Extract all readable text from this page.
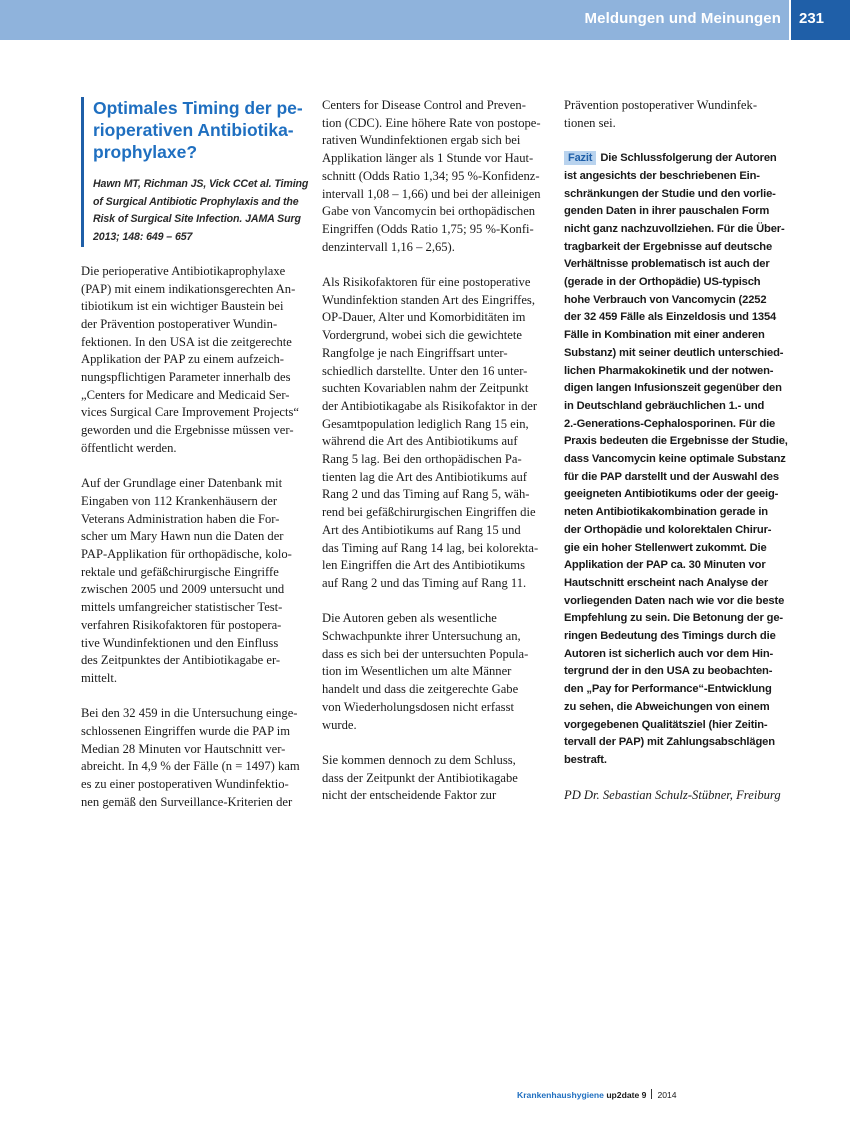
Meldungen und Meinungen 231
Optimales Timing der pe-
rioperativen Antibiotika-
prophylaxe?
Hawn MT, Richman JS, Vick CCet al. Timing
of Surgical Antibiotic Prophylaxis and the
Risk of Surgical Site Infection. JAMA Surg
2013; 148: 649 – 657
Die perioperative Antibiotikaprophylaxe
(PAP) mit einem indikationsgerechten An-
tibiotikum ist ein wichtiger Baustein bei
der Prävention postoperativer Wundin-
fektionen. In den USA ist die zeitgerechte
Applikation der PAP zu einem aufzeich-
nungspflichtigen Parameter innerhalb des
„Centers for Medicare and Medicaid Ser-
vices Surgical Care Improvement Projects“
geworden und die Ergebnisse müssen ver-
öffentlicht werden.
Auf der Grundlage einer Datenbank mit
Eingaben von 112 Krankenhäusern der
Veterans Administration haben die For-
scher um Mary Hawn nun die Daten der
PAP-Applikation für orthopädische, kolo-
rektale und gefäßchirurgische Eingriffe
zwischen 2005 und 2009 untersucht und
mittels umfangreicher statistischer Test-
verfahren Risikofaktoren für postopera-
tive Wundinfektionen und den Einfluss
des Zeitpunktes der Antibiotikagabe er-
mittelt.
Bei den 32 459 in die Untersuchung einge-
schlossenen Eingriffen wurde die PAP im
Median 28 Minuten vor Hautschnitt ver-
abreicht. In 4,9 % der Fälle (n = 1497) kam
es zu einer postoperativen Wundinfektio-
nen gemäß den Surveillance-Kriterien der
Centers for Disease Control and Preven-
tion (CDC). Eine höhere Rate von postope-
rativen Wundinfektionen ergab sich bei
Applikation länger als 1 Stunde vor Haut-
schnitt (Odds Ratio 1,34; 95 %-Konfidenz-
intervall 1,08 – 1,66) und bei der alleinigen
Gabe von Vancomycin bei orthopädischen
Eingriffen (Odds Ratio 1,75; 95 %-Konfi-
denzintervall 1,16 – 2,65).
Als Risikofaktoren für eine postoperative
Wundinfektion standen Art des Eingriffes,
OP-Dauer, Alter und Komorbiditäten im
Vordergrund, wobei sich die gewichtete
Rangfolge je nach Eingriffsart unter-
schiedlich darstellte. Unter den 16 unter-
suchten Kovariablen nahm der Zeitpunkt
der Antibiotikagabe als Risikofaktor in der
Gesamtpopulation lediglich Rang 15 ein,
während die Art des Antibiotikums auf
Rang 5 lag. Bei den orthopädischen Pa-
tienten lag die Art des Antibiotikums auf
Rang 2 und das Timing auf Rang 5, wäh-
rend bei gefäßchirurgischen Eingriffen die
Art des Antibiotikums auf Rang 15 und
das Timing auf Rang 14 lag, bei kolorekta-
len Eingriffen die Art des Antibiotikums
auf Rang 2 und das Timing auf Rang 11.
Die Autoren geben als wesentliche
Schwachpunkte ihrer Untersuchung an,
dass es sich bei der untersuchten Popula-
tion im Wesentlichen um alte Männer
handelt und dass die zeitgerechte Gabe
von Wiederholungsdosen nicht erfasst
wurde.
Sie kommen dennoch zu dem Schluss,
dass der Zeitpunkt der Antibiotikagabe
nicht der entscheidende Faktor zur
Prävention postoperativer Wundinfek-
tionen sei.
Fazit Die Schlussfolgerung der Autoren
ist angesichts der beschriebenen Ein-
schränkungen der Studie und den vorlie-
genden Daten in ihrer pauschalen Form
nicht ganz nachzuvollziehen. Für die Über-
tragbarkeit der Ergebnisse auf deutsche
Verhältnisse problematisch ist auch der
(gerade in der Orthopädie) US-typisch
hohe Verbrauch von Vancomycin (2252
der 32 459 Fälle als Einzeldosis und 1354
Fälle in Kombination mit einer anderen
Substanz) mit seiner deutlich unterschied-
lichen Pharmakokinetik und der notwen-
digen langen Infusionszeit gegenüber den
in Deutschland gebräuchlichen 1.- und
2.-Generations-Cephalosporinen. Für die
Praxis bedeuten die Ergebnisse der Studie,
dass Vancomycin keine optimale Substanz
für die PAP darstellt und der Auswahl des
geeigneten Antibiotikums oder der geeig-
neten Antibiotikakombination gerade in
der Orthopädie und kolorektalen Chirur-
gie ein hoher Stellenwert zukommt. Die
Applikation der PAP ca. 30 Minuten vor
Hautschnitt erscheint nach Analyse der
vorliegenden Daten nach wie vor die beste
Empfehlung zu sein. Die Betonung der ge-
ringen Bedeutung des Timings durch die
Autoren ist sicherlich auch vor dem Hin-
tergrund der in den USA zu beobachten-
den „Pay for Performance“-Entwicklung
zu sehen, die Abweichungen von einem
vorgegebenen Qualitätsziel (hier Zeitin-
tervall der PAP) mit Zahlungsabschlägen
bestraft.
PD Dr. Sebastian Schulz-Stübner, Freiburg
Krankenhaushygiene up2date 9 2014
